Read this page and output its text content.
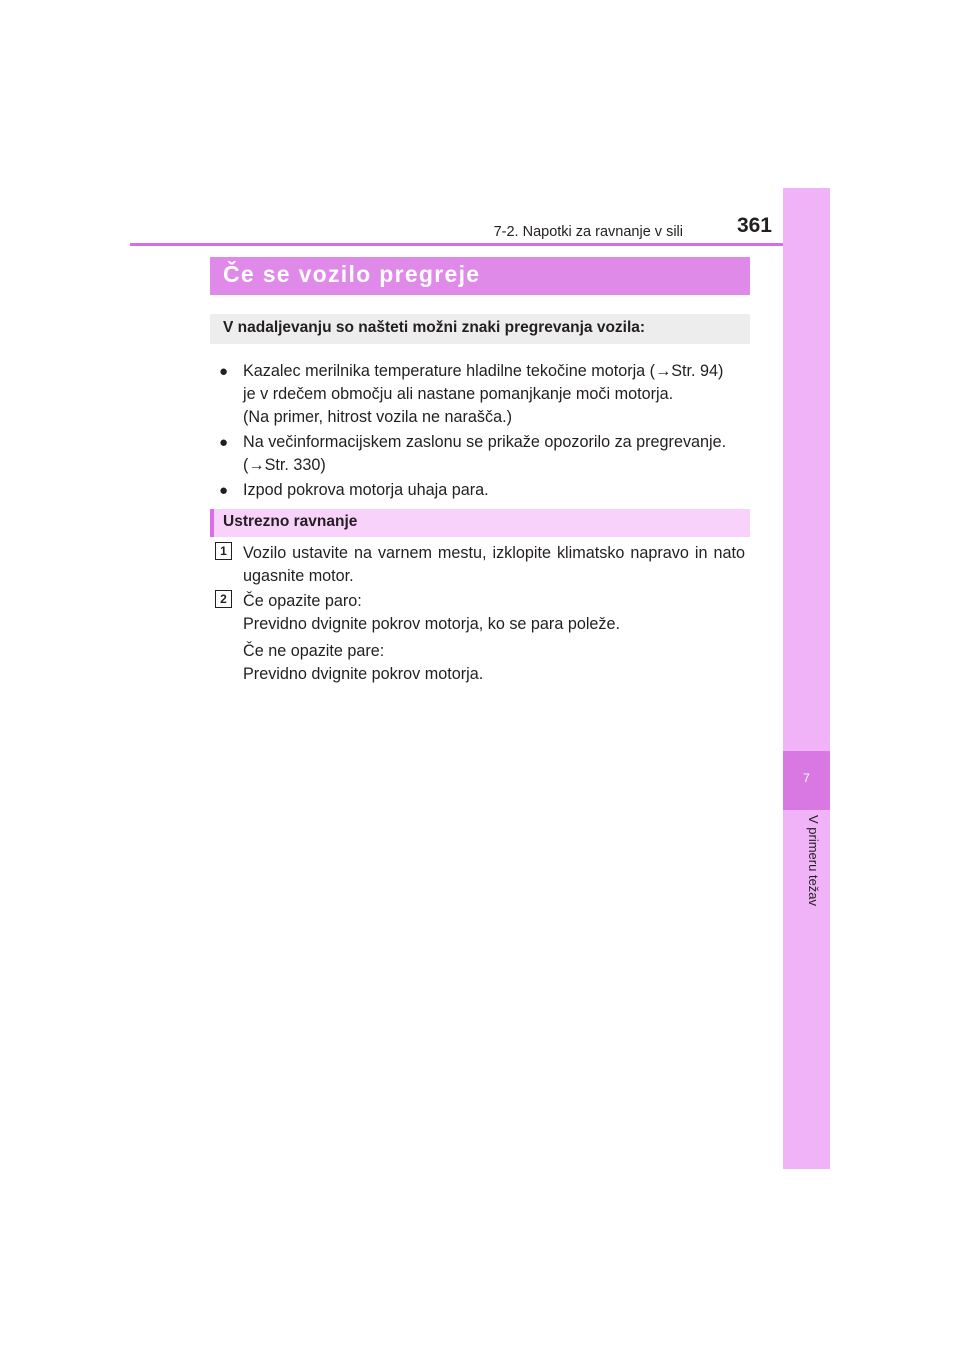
7-2. Napotki za ravnanje v sili	361
7
V primeru težav
Če se vozilo pregreje
V nadaljevanju so našteti možni znaki pregrevanja vozila:
● Kazalec merilnika temperature hladilne tekočine motorja (→Str. 94)
je v rdečem območju ali nastane pomanjkanje moči motorja.
(Na primer, hitrost vozila ne narašča.)
● Na večinformacijskem zaslonu se prikaže opozorilo za pregrevanje.
(→Str. 330)
● Izpod pokrova motorja uhaja para.
Ustrezno ravnanje
1 Vozilo ustavite na varnem mestu, izklopite klimatsko napravo in nato ugasnite motor.
2 Če opazite paro:
Previdno dvignite pokrov motorja, ko se para poleže.
Če ne opazite pare:
Previdno dvignite pokrov motorja.
